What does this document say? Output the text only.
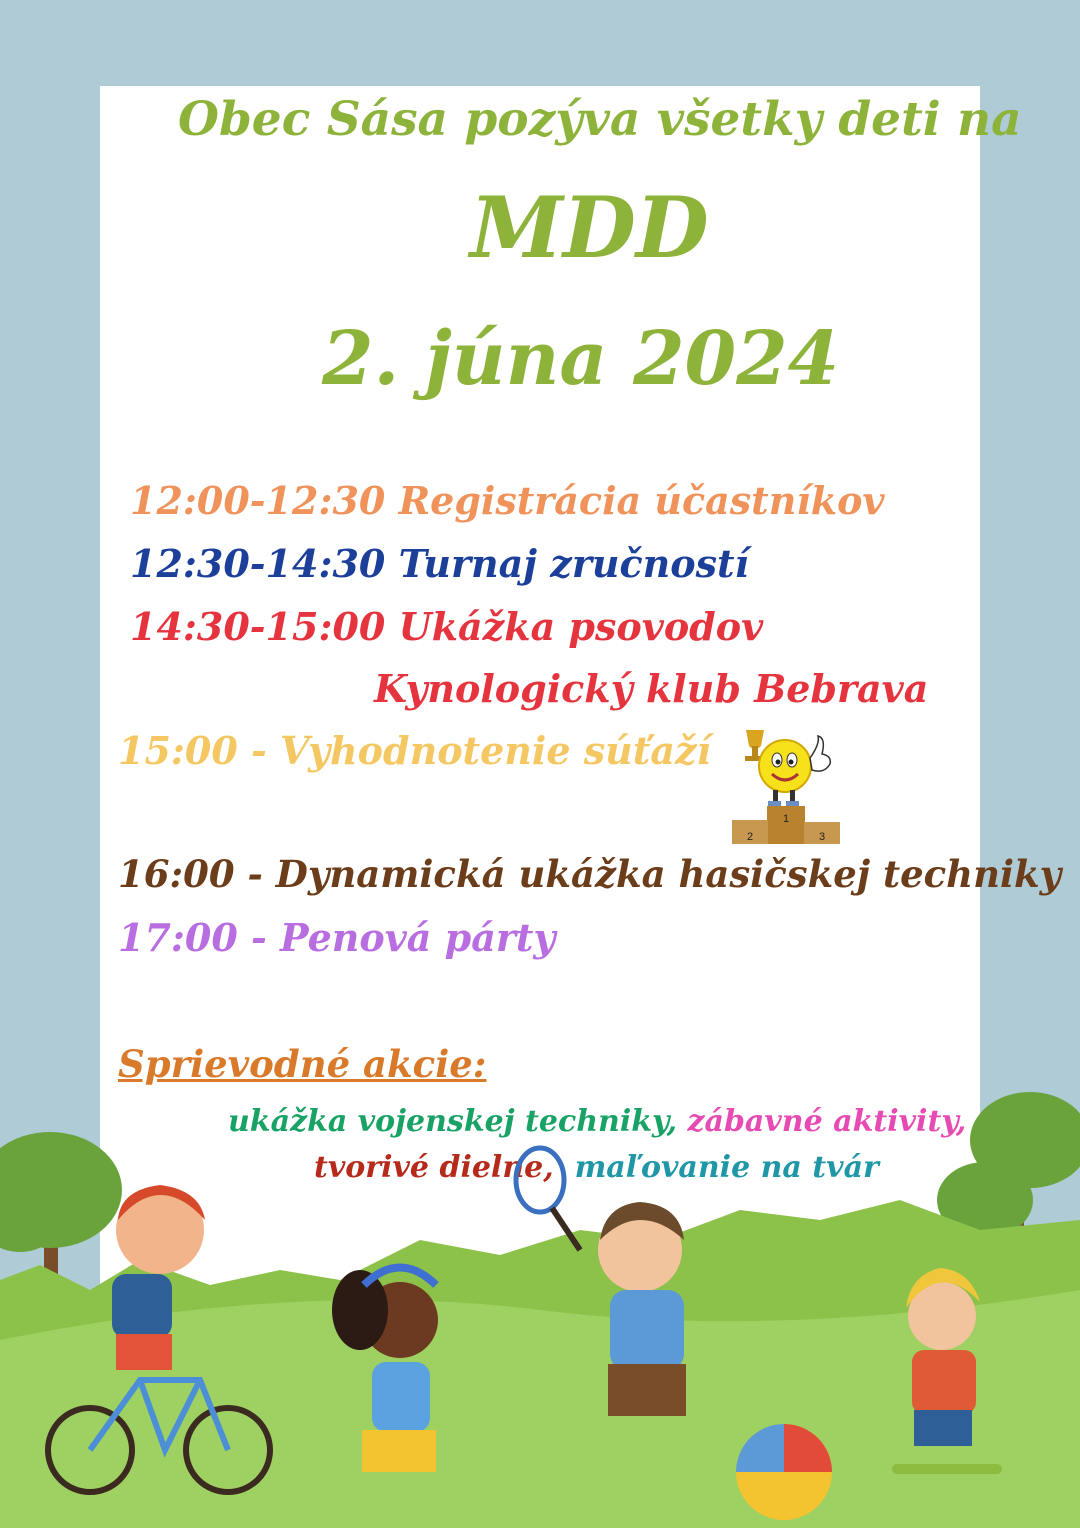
Obec Sása pozýva všetky deti na

MDD

2. júna 2024

12:00-12:30 Registrácia účastníkov

12:30-14:30 Turnaj zručností

14:30-15:00 Ukážka psovodov

Kynologický klub Bebrava

15:00 - Vyhodnotenie súťaží

16:00 - Dynamická ukážka hasičskej techniky

17:00 - Penová párty

1
2	3

Sprievodné akcie:

ukážka vojenskej techniky, zábavné aktivity,

tvorivé dielne, maľovanie na tvár
